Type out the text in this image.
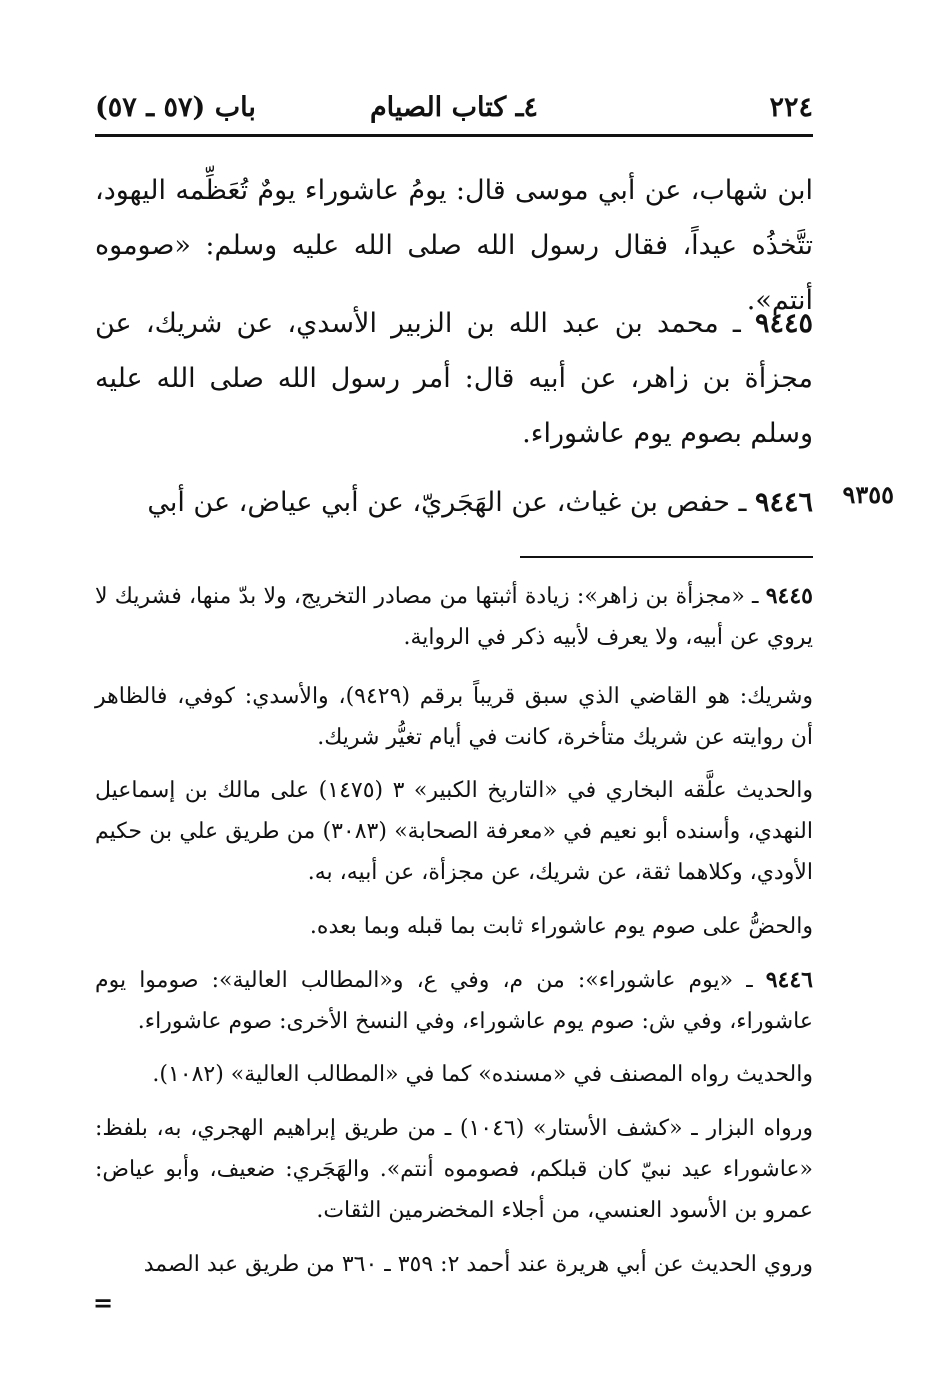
٢٢٤
٤ـ كتاب الصيام
باب (٥٧ ـ ٥٧)

ابن شهاب، عن أبي موسى قال: يومُ عاشوراء يومٌ تُعَظِّمه اليهود، تتَّخذُه عيداً، فقال رسول الله صلى الله عليه وسلم: «صوموه أنتم».

٩٤٤٥ ـ محمد بن عبد الله بن الزبير الأسدي، عن شريك، عن مجزأة بن زاهر، عن أبيه قال: أمر رسول الله صلى الله عليه وسلم بصوم يوم عاشوراء.

٩٤٤٦ ـ حفص بن غياث، عن الهَجَريّ، عن أبي عياض، عن أبي	٩٣٥٥

٩٤٤٥ ـ «مجزأة بن زاهر»: زيادة أثبتها من مصادر التخريج، ولا بدّ منها، فشريك لا يروي عن أبيه، ولا يعرف لأبيه ذكر في الرواية.

وشريك: هو القاضي الذي سبق قريباً برقم (٩٤٢٩)، والأسدي: كوفي، فالظاهر أن روايته عن شريك متأخرة، كانت في أيام تغيُّر شريك.

والحديث علَّقه البخاري في «التاريخ الكبير» ٣ (١٤٧٥) على مالك بن إسماعيل النهدي، وأسنده أبو نعيم في «معرفة الصحابة» (٣٠٨٣) من طريق علي بن حكيم الأودي، وكلاهما ثقة، عن شريك، عن مجزأة، عن أبيه، به.

والحضُّ على صوم يوم عاشوراء ثابت بما قبله وبما بعده.

٩٤٤٦ ـ «يوم عاشوراء»: من م، وفي ع، و«المطالب العالية»: صوموا يوم عاشوراء، وفي ش: صوم يوم عاشوراء، وفي النسخ الأخرى: صوم عاشوراء.

والحديث رواه المصنف في «مسنده» كما في «المطالب العالية» (١٠٨٢).

ورواه البزار ـ «كشف الأستار» (١٠٤٦) ـ من طريق إبراهيم الهجري، به، بلفظ: «عاشوراء عيد نبيّ كان قبلكم، فصوموه أنتم». والهَجَري: ضعيف، وأبو عياض: عمرو بن الأسود العنسي، من أجلاء المخضرمين الثقات.

وروي الحديث عن أبي هريرة عند أحمد ٢: ٣٥٩ ـ ٣٦٠ من طريق عبد الصمد

=
